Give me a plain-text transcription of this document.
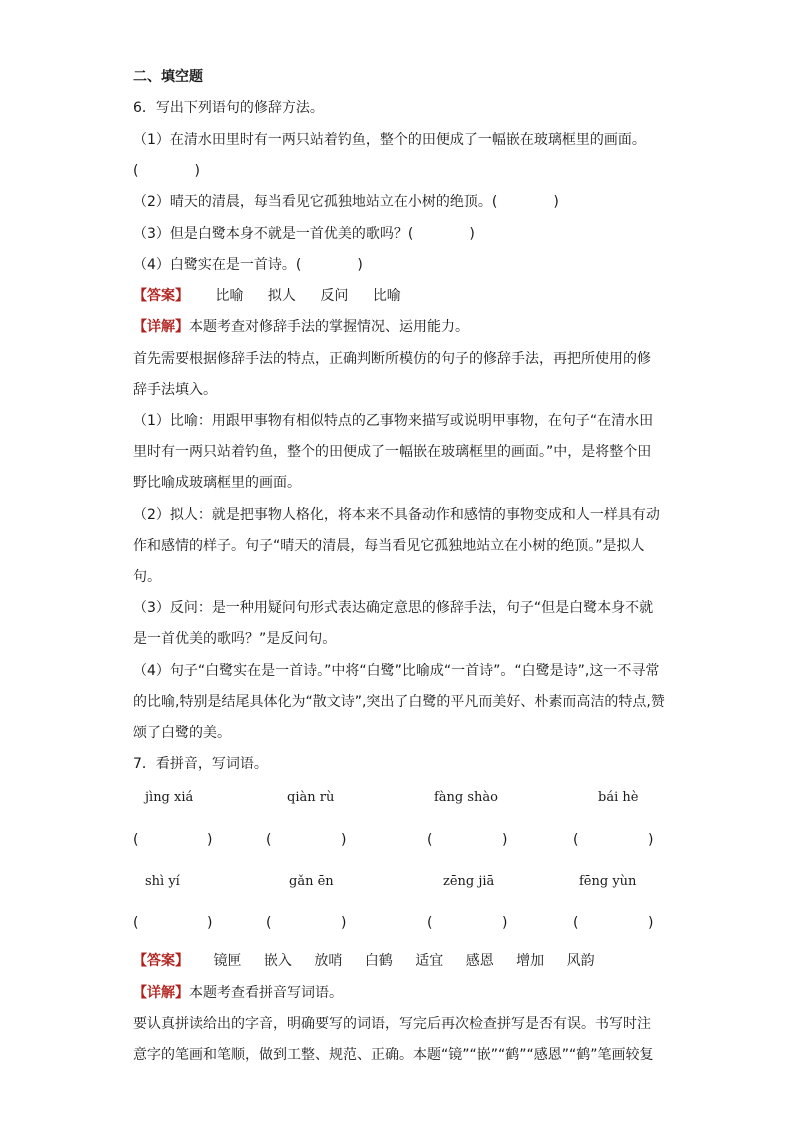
二、填空题
6．写出下列语句的修辞方法。
（1）在清水田里时有一两只站着钓鱼，整个的田便成了一幅嵌在玻璃框里的画面。
(　　　　)
（2）晴天的清晨，每当看见它孤独地站立在小树的绝顶。(　　　　)
（3）但是白鹭本身不就是一首优美的歌吗？(　　　　)
（4）白鹭实在是一首诗。(　　　　)
【答案】 比喻 拟人 反问 比喻
【详解】本题考查对修辞手法的掌握情况、运用能力。
首先需要根据修辞手法的特点，正确判断所模仿的句子的修辞手法，再把所使用的修
辞手法填入。
（1）比喻：用跟甲事物有相似特点的乙事物来描写或说明甲事物，在句子“在清水田
里时有一两只站着钓鱼，整个的田便成了一幅嵌在玻璃框里的画面。”中，是将整个田
野比喻成玻璃框里的画面。
（2）拟人：就是把事物人格化，将本来不具备动作和感情的事物变成和人一样具有动
作和感情的样子。句子“晴天的清晨，每当看见它孤独地站立在小树的绝顶。”是拟人
句。
（3）反问：是一种用疑问句形式表达确定意思的修辞手法，句子“但是白鹭本身不就
是一首优美的歌吗？”是反问句。
（4）句子“白鹭实在是一首诗。”中将“白鹭”比喻成“一首诗”。“白鹭是诗”,这一不寻常
的比喻,特别是结尾具体化为“散文诗”,突出了白鹭的平凡而美好、朴素而高洁的特点,赞
颂了白鹭的美。
7．看拼音，写词语。
jìng xiá	qiàn rù	fàng shào	bái hè
(	)	(	)	(	)	(	)
shì yí	gǎn ēn	zēng jiā	fēng yùn
(	)	(	)	(	)	(	)
【答案】 镜匣 嵌入 放哨 白鹤 适宜 感恩 增加 风韵
【详解】本题考查看拼音写词语。
要认真拼读给出的字音，明确要写的词语，写完后再次检查拼写是否有误。书写时注
意字的笔画和笔顺，做到工整、规范、正确。本题“镜”“嵌”“鹤”“感恩”“鹤”笔画较复
